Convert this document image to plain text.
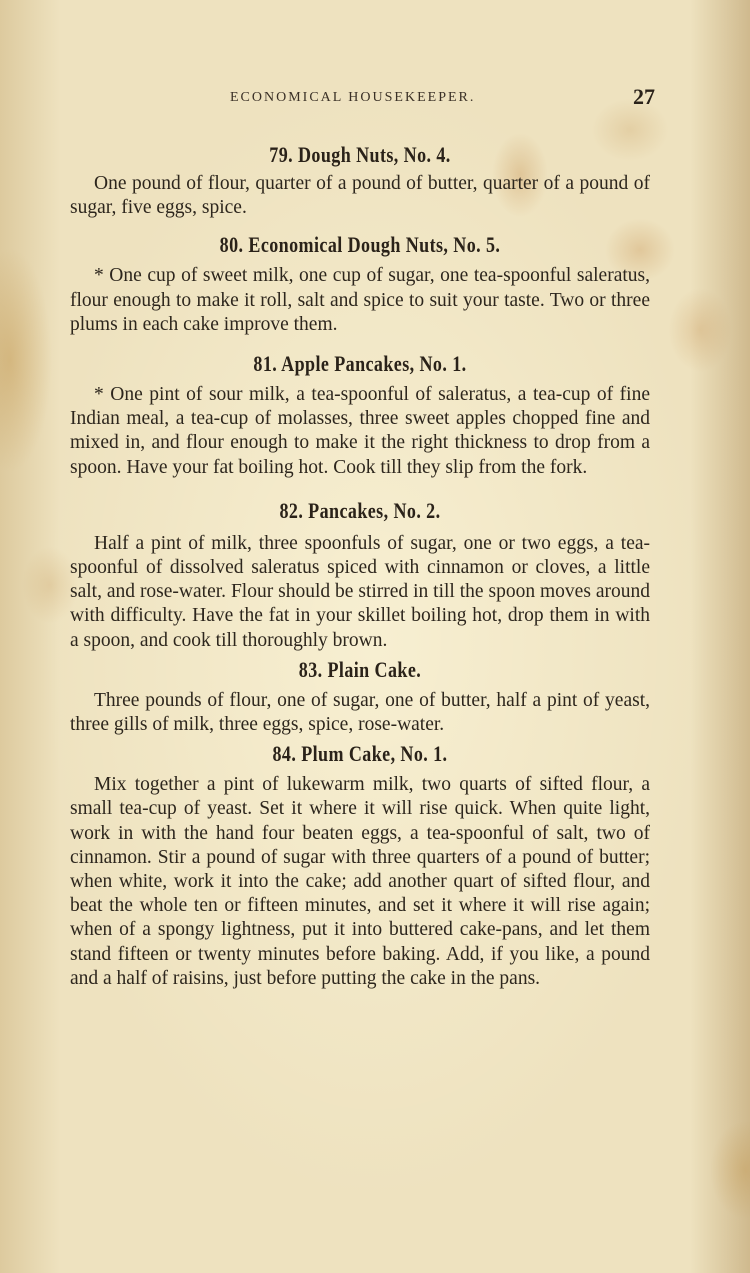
ECONOMICAL HOUSEKEEPER.	27
79. Dough Nuts, No. 4.

One pound of flour, quarter of a pound of butter, quarter of a pound of sugar, five eggs, spice.

80. Economical Dough Nuts, No. 5.

* One cup of sweet milk, one cup of sugar, one tea-spoonful saleratus, flour enough to make it roll, salt and spice to suit your taste. Two or three plums in each cake improve them.

81. Apple Pancakes, No. 1.

* One pint of sour milk, a tea-spoonful of saleratus, a tea-cup of fine Indian meal, a tea-cup of molasses, three sweet apples chopped fine and mixed in, and flour enough to make it the right thickness to drop from a spoon. Have your fat boiling hot. Cook till they slip from the fork.

82. Pancakes, No. 2.

Half a pint of milk, three spoonfuls of sugar, one or two eggs, a tea-spoonful of dissolved saleratus spiced with cinnamon or cloves, a little salt, and rose-water. Flour should be stirred in till the spoon moves around with difficulty. Have the fat in your skillet boiling hot, drop them in with a spoon, and cook till thoroughly brown.

83. Plain Cake.

Three pounds of flour, one of sugar, one of butter, half a pint of yeast, three gills of milk, three eggs, spice, rose-water.

84. Plum Cake, No. 1.

Mix together a pint of lukewarm milk, two quarts of sifted flour, a small tea-cup of yeast. Set it where it will rise quick. When quite light, work in with the hand four beaten eggs, a tea-spoonful of salt, two of cinnamon. Stir a pound of sugar with three quarters of a pound of butter; when white, work it into the cake; add another quart of sifted flour, and beat the whole ten or fifteen minutes, and set it where it will rise again; when of a spongy lightness, put it into buttered cake-pans, and let them stand fifteen or twenty minutes before baking. Add, if you like, a pound and a half of raisins, just before putting the cake in the pans.
